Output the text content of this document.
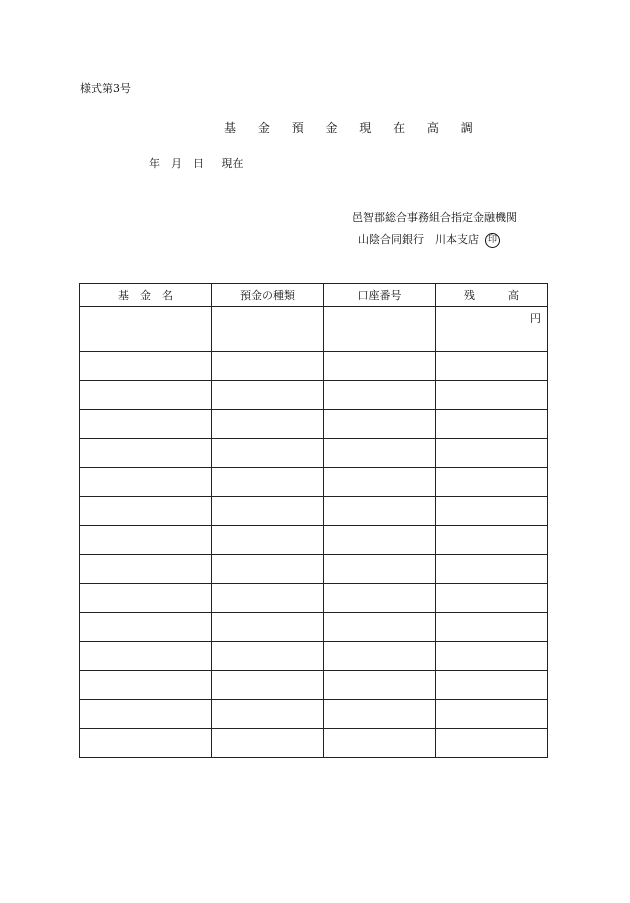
様式第3号
基 金 預 金 現 在 高 調
年　月　日 現在
邑智郡総合事務組合指定金融機関
山陰合同銀行　川本支店 印
基　金　名	預金の種類	口座番号	残　　　高

			円
